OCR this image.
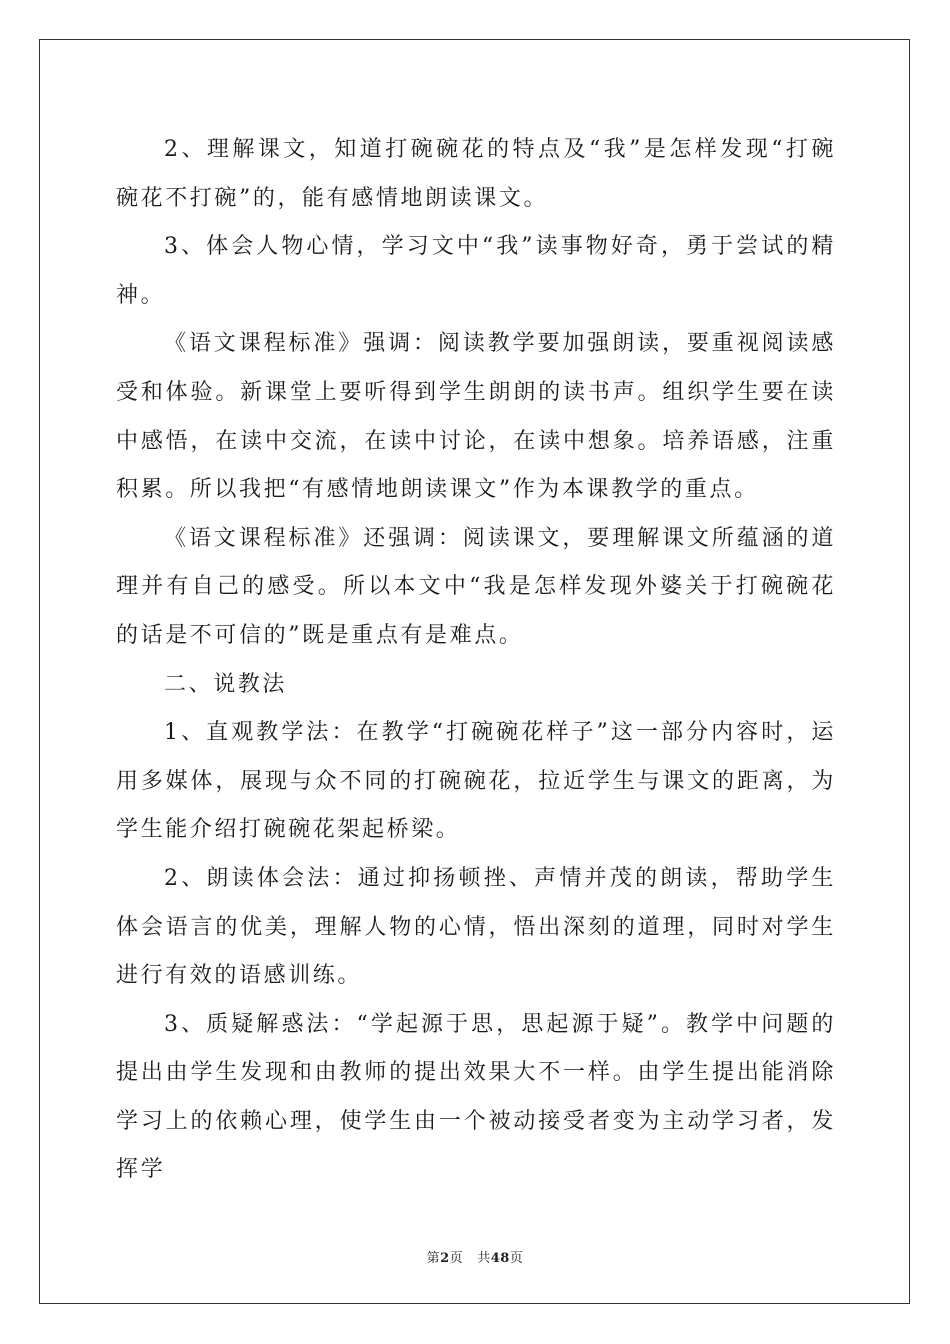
2、理解课文，知道打碗碗花的特点及“我”是怎样发现“打碗碗花不打碗”的，能有感情地朗读课文。

3、体会人物心情，学习文中“我”读事物好奇，勇于尝试的精神。

《语文课程标准》强调：阅读教学要加强朗读，要重视阅读感受和体验。新课堂上要听得到学生朗朗的读书声。组织学生要在读中感悟，在读中交流，在读中讨论，在读中想象。培养语感，注重积累。所以我把“有感情地朗读课文”作为本课教学的重点。

《语文课程标准》还强调：阅读课文，要理解课文所蕴涵的道理并有自己的感受。所以本文中“我是怎样发现外婆关于打碗碗花的话是不可信的”既是重点有是难点。

二、说教法

1、直观教学法：在教学“打碗碗花样子”这一部分内容时，运用多媒体，展现与众不同的打碗碗花，拉近学生与课文的距离，为学生能介绍打碗碗花架起桥梁。

2、朗读体会法：通过抑扬顿挫、声情并茂的朗读，帮助学生体会语言的优美，理解人物的心情，悟出深刻的道理，同时对学生进行有效的语感训练。

3、质疑解惑法：“学起源于思，思起源于疑”。教学中问题的提出由学生发现和由教师的提出效果大不一样。由学生提出能消除学习上的依赖心理，使学生由一个被动接受者变为主动学习者，发挥学

第2页 共48页
